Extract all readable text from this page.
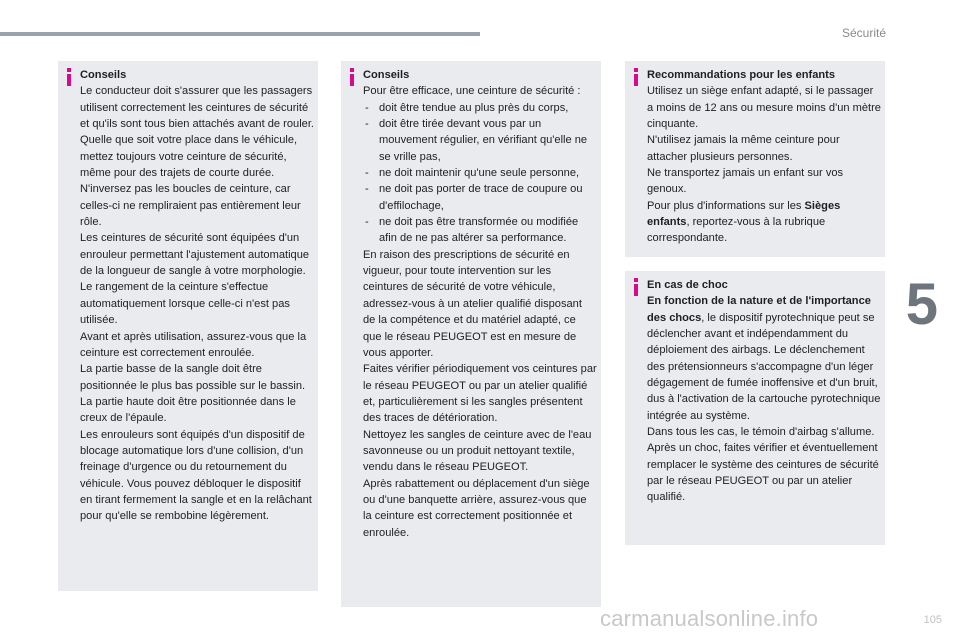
Sécurité
5
Conseils

Le conducteur doit s'assurer que les passagers utilisent correctement les ceintures de sécurité et qu'ils sont tous bien attachés avant de rouler.

Quelle que soit votre place dans le véhicule, mettez toujours votre ceinture de sécurité, même pour des trajets de courte durée.

N'inversez pas les boucles de ceinture, car celles-ci ne rempliraient pas entièrement leur rôle.

Les ceintures de sécurité sont équipées d'un enrouleur permettant l'ajustement automatique de la longueur de sangle à votre morphologie. Le rangement de la ceinture s'effectue automatiquement lorsque celle-ci n'est pas utilisée.

Avant et après utilisation, assurez-vous que la ceinture est correctement enroulée.

La partie basse de la sangle doit être positionnée le plus bas possible sur le bassin.

La partie haute doit être positionnée dans le creux de l'épaule.

Les enrouleurs sont équipés d'un dispositif de blocage automatique lors d'une collision, d'un freinage d'urgence ou du retournement du véhicule. Vous pouvez débloquer le dispositif en tirant fermement la sangle et en la relâchant pour qu'elle se rembobine légèrement.

Conseils

Pour être efficace, une ceinture de sécurité :

- doit être tendue au plus près du corps,
- doit être tirée devant vous par un mouvement régulier, en vérifiant qu'elle ne se vrille pas,
- ne doit maintenir qu'une seule personne,
- ne doit pas porter de trace de coupure ou d'effilochage,
- ne doit pas être transformée ou modifiée afin de ne pas altérer sa performance.

En raison des prescriptions de sécurité en vigueur, pour toute intervention sur les ceintures de sécurité de votre véhicule, adressez-vous à un atelier qualifié disposant de la compétence et du matériel adapté, ce que le réseau PEUGEOT est en mesure de vous apporter.

Faites vérifier périodiquement vos ceintures par le réseau PEUGEOT ou par un atelier qualifié et, particulièrement si les sangles présentent des traces de détérioration.

Nettoyez les sangles de ceinture avec de l'eau savonneuse ou un produit nettoyant textile, vendu dans le réseau PEUGEOT.

Après rabattement ou déplacement d'un siège ou d'une banquette arrière, assurez-vous que la ceinture est correctement positionnée et enroulée.

Recommandations pour les enfants

Utilisez un siège enfant adapté, si le passager a moins de 12 ans ou mesure moins d'un mètre cinquante.

N'utilisez jamais la même ceinture pour attacher plusieurs personnes.

Ne transportez jamais un enfant sur vos genoux.

Pour plus d'informations sur les Sièges enfants, reportez-vous à la rubrique correspondante.

En cas de choc

En fonction de la nature et de l'importance des chocs, le dispositif pyrotechnique peut se déclencher avant et indépendamment du déploiement des airbags. Le déclenchement des prétensionneurs s'accompagne d'un léger dégagement de fumée inoffensive et d'un bruit, dus à l'activation de la cartouche pyrotechnique intégrée au système.

Dans tous les cas, le témoin d'airbag s'allume.

Après un choc, faites vérifier et éventuellement remplacer le système des ceintures de sécurité par le réseau PEUGEOT ou par un atelier qualifié.

carmanualsonline.info	105
